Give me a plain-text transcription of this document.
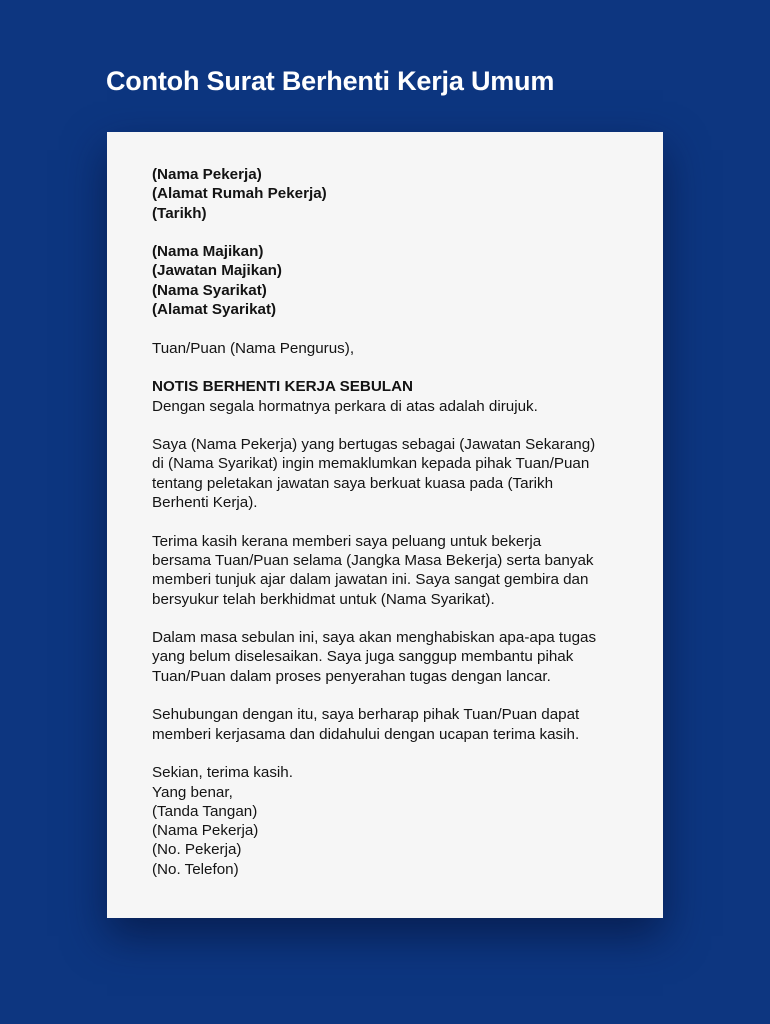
Contoh Surat Berhenti Kerja Umum
(Nama Pekerja)
(Alamat Rumah Pekerja)
(Tarikh)
(Nama Majikan)
(Jawatan Majikan)
(Nama Syarikat)
(Alamat Syarikat)
Tuan/Puan (Nama Pengurus),
NOTIS BERHENTI KERJA SEBULAN
Dengan segala hormatnya perkara di atas adalah dirujuk.
Saya (Nama Pekerja) yang bertugas sebagai (Jawatan Sekarang)
di (Nama Syarikat) ingin memaklumkan kepada pihak Tuan/Puan
tentang peletakan jawatan saya berkuat kuasa pada (Tarikh
Berhenti Kerja).
Terima kasih kerana memberi saya peluang untuk bekerja
bersama Tuan/Puan selama (Jangka Masa Bekerja) serta banyak
memberi tunjuk ajar dalam jawatan ini. Saya sangat gembira dan
bersyukur telah berkhidmat untuk (Nama Syarikat).
Dalam masa sebulan ini, saya akan menghabiskan apa-apa tugas
yang belum diselesaikan. Saya juga sanggup membantu pihak
Tuan/Puan dalam proses penyerahan tugas dengan lancar.
Sehubungan dengan itu, saya berharap pihak Tuan/Puan dapat
memberi kerjasama dan didahului dengan ucapan terima kasih.
Sekian, terima kasih.
Yang benar,
(Tanda Tangan)
(Nama Pekerja)
(No. Pekerja)
(No. Telefon)
